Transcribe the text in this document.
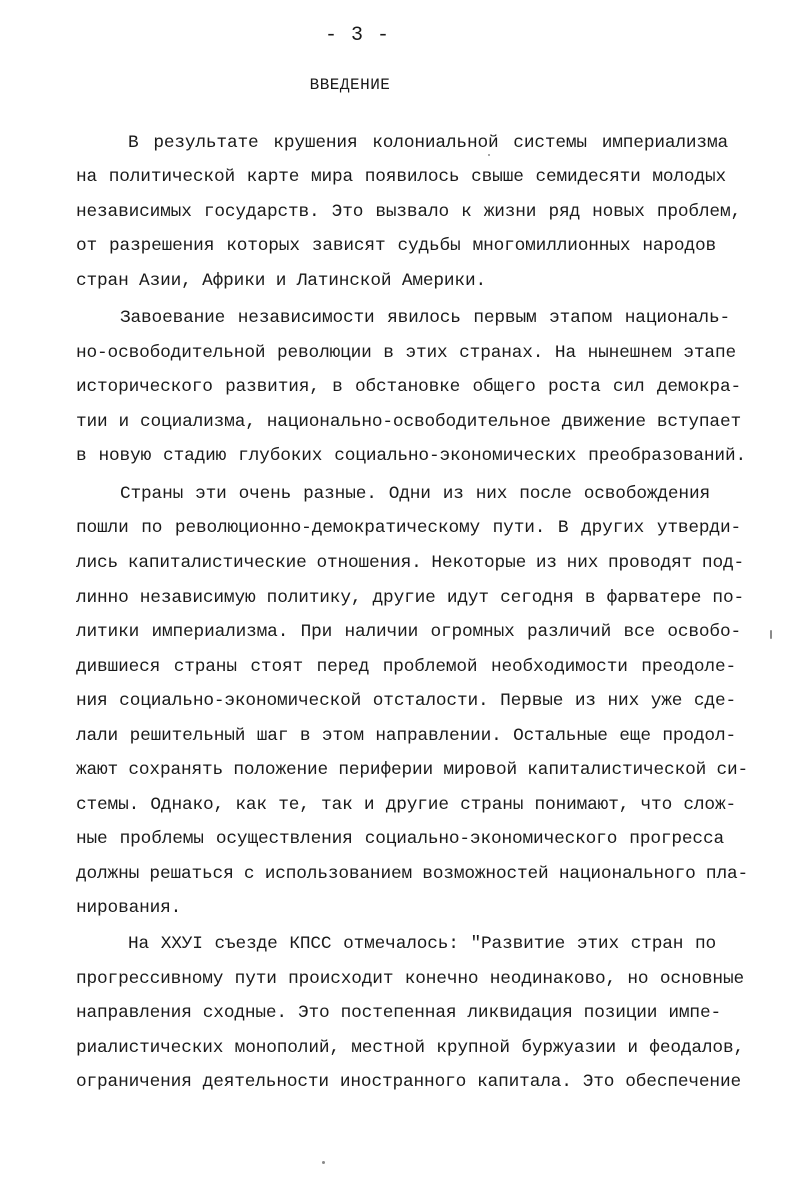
- 3 -
ВВЕДЕНИЕ
В результате крушения колониальной системы империализма
на политической карте мира появилось свыше семидесяти молодых
независимых государств. Это вызвало к жизни ряд новых проблем,
от разрешения которых зависят судьбы многомиллионных народов
стран Азии, Африки и Латинской Америки.
Завоевание независимости явилось первым этапом националь-
но-освободительной революции в этих странах. На нынешнем этапе
исторического развития, в обстановке общего роста сил демокра-
тии и социализма, национально-освободительное движение вступает
в новую стадию глубоких социально-экономических преобразований.
Страны эти очень разные. Одни из них после освобождения
пошли по революционно-демократическому пути. В других утверди-
лись капиталистические отношения. Некоторые из них проводят под-
линно независимую политику, другие идут сегодня в фарватере по-
литики империализма. При наличии огромных различий все освобо-
дившиеся страны стоят перед проблемой необходимости преодоле-
ния социально-экономической отсталости. Первые из них уже сде-
лали решительный шаг в этом направлении. Остальные еще продол-
жают сохранять положение периферии мировой капиталистической си-
стемы. Однако, как те, так и другие страны понимают, что слож-
ные проблемы осуществления социально-экономического прогресса
должны решаться с использованием возможностей национального пла-
нирования.
На XXУI съезде КПСС отмечалось: "Развитие этих стран по
прогрессивному пути происходит конечно неодинаково, но основные
направления сходные. Это постепенная ликвидация позиции импе-
риалистических монополий, местной крупной буржуазии и феодалов,
ограничения деятельности иностранного капитала. Это обеспечение
